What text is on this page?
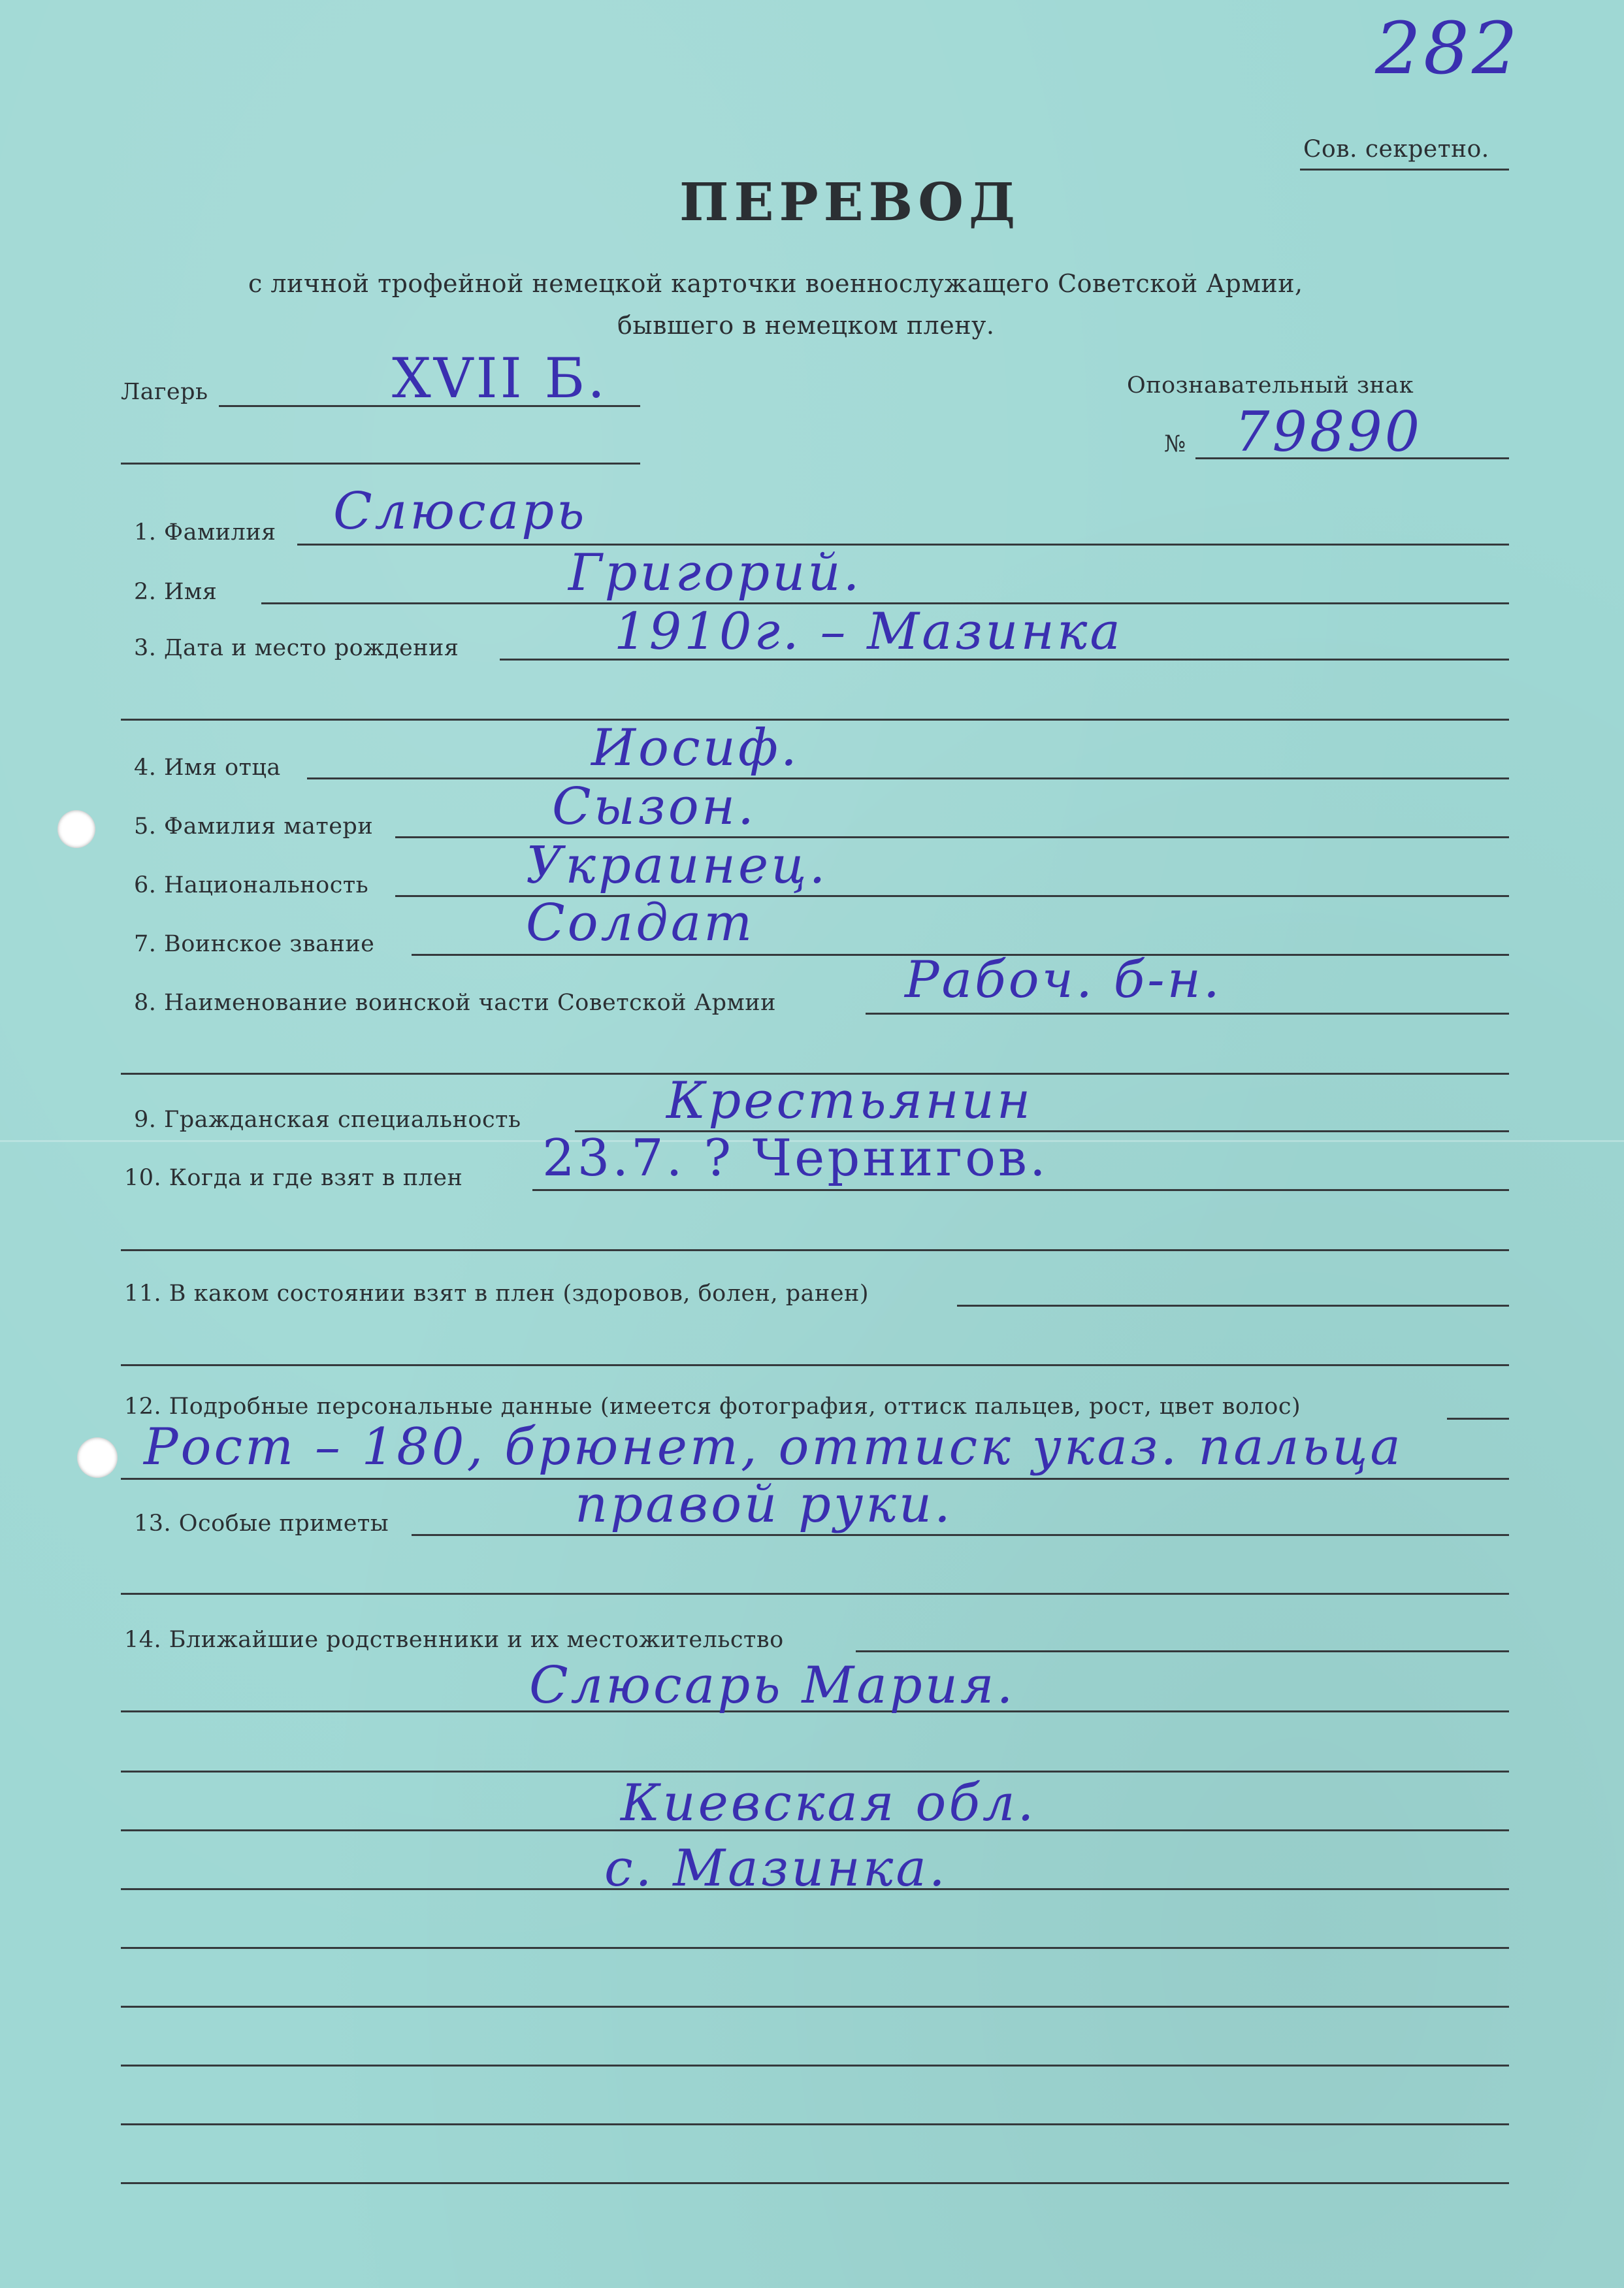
282
Сов. секретно.
ПЕРЕВОД
с личной трофейной немецкой карточки военнослужащего Советской Армии,
бывшего в немецком плену.
Лагерь	XVII Б.	Опознавательный знак
№ 79890
1. Фамилия Слюсарь
2. Имя	Григорий.
3. Дата и место рождения	1910г. – Мазинка
4. Имя отца	Иосиф.
5. Фамилия матери	Сызон.
6. Национальность	Украинец.
7. Воинское звание	Солдат
8. Наименование воинской части Советской Армии	Рабоч. б-н.
9. Гражданская специальность	Крестьянин
10. Когда и где взят в плен 23.7. ? Чернигов.
11. В каком состоянии взят в плен (здоровов, болен, ранен)
12. Подробные персональные данные (имеется фотография, оттиск пальцев, рост, цвет волос)
Рост – 180, брюнет, оттиск указ. пальца
13. Особые приметы	правой руки.
14. Ближайшие родственники и их местожительство
Слюсарь Мария.
Киевская обл.
с. Мазинка.
